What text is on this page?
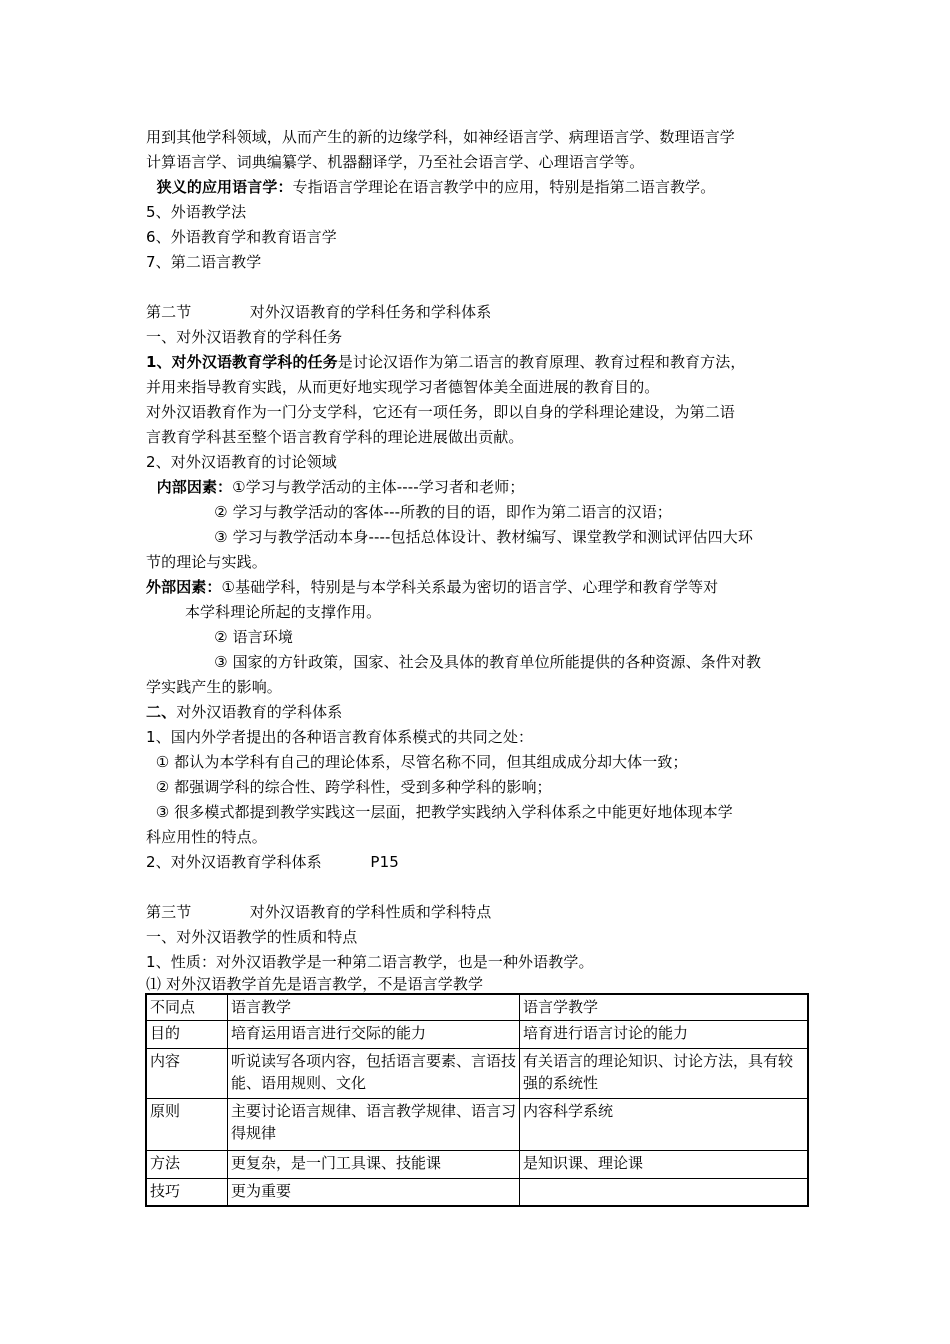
用到其他学科领域，从而产生的新的边缘学科，如神经语言学、病理语言学、数理语言学
计算语言学、词典编纂学、机器翻译学，乃至社会语言学、心理语言学等。
狭义的应用语言学：专指语言学理论在语言教学中的应用，特别是指第二语言教学。
5、外语教学法
6、外语教育学和教育语言学
7、第二语言教学
第二节            对外汉语教育的学科任务和学科体系
一、对外汉语教育的学科任务
1、对外汉语教育学科的任务是讨论汉语作为第二语言的教育原理、教育过程和教育方法，
并用来指导教育实践，从而更好地实现学习者德智体美全面进展的教育目的。
对外汉语教育作为一门分支学科，它还有一项任务，即以自身的学科理论建设，为第二语
言教育学科甚至整个语言教育学科的理论进展做出贡献。
2、对外汉语教育的讨论领域
内部因素：①学习与教学活动的主体----学习者和老师；
② 学习与教学活动的客体---所教的目的语，即作为第二语言的汉语；
③ 学习与教学活动本身----包括总体设计、教材编写、课堂教学和测试评估四大环
节的理论与实践。
外部因素：①基础学科，特别是与本学科关系最为密切的语言学、心理学和教育学等对
本学科理论所起的支撑作用。
② 语言环境
③ 国家的方针政策，国家、社会及具体的教育单位所能提供的各种资源、条件对教
学实践产生的影响。
二、对外汉语教育的学科体系
1、国内外学者提出的各种语言教育体系模式的共同之处：
① 都认为本学科有自己的理论体系，尽管名称不同，但其组成成分却大体一致；
② 都强调学科的综合性、跨学科性，受到多种学科的影响；
③ 很多模式都提到教学实践这一层面，把教学实践纳入学科体系之中能更好地体现本学
科应用性的特点。
2、对外汉语教育学科体系          P15
第三节            对外汉语教育的学科性质和学科特点
一、对外汉语教学的性质和特点
1、性质：对外汉语教学是一种第二语言教学，也是一种外语教学。
⑴ 对外汉语教学首先是语言教学，不是语言学教学
不同点	语言教学	语言学教学
目的	培育运用语言进行交际的能力	培育进行语言讨论的能力
内容	听说读写各项内容，包括语言要素、言语技能、语用规则、文化	有关语言的理论知识、讨论方法，具有较强的系统性
原则	主要讨论语言规律、语言教学规律、语言习得规律	内容科学系统
方法	更复杂，是一门工具课、技能课	是知识课、理论课
技巧	更为重要	
